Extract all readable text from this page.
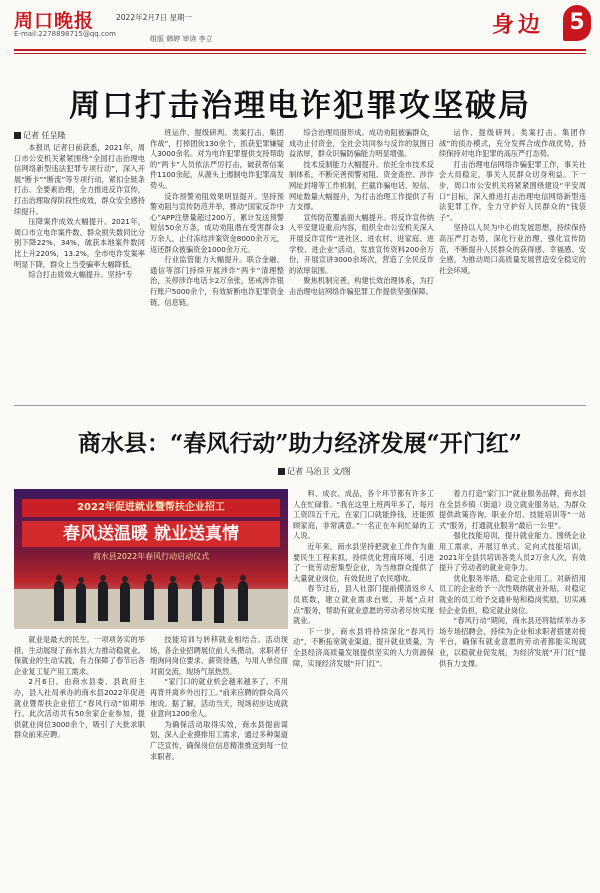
周口晚报
E-mail:2278898715@qq.com
2022年2月7日 星期一
组版 韩婷 审读 李立
身边 5
周口打击治理电诈犯罪攻坚破局
记者 任呈隆

本报讯 记者日前获悉，2021年，周口市公安机关紧紧围绕“全国打击治理电信网络新型违法犯罪专项行动”，深入开展“断卡”“断流”等专项行动，紧扣全链条打击、全要素治理，全力推进反诈宣传，打击治理取得阶段性成效，群众安全感持续提升。

压降案件成效大幅提升。2021年，周口市立电诈案件数、群众损失数同比分别下降22%、34%，破获本地案件数同比上升220%，13.2%，全市电诈发案率明显下降，群众上当受骗率大幅降低。

综合打击质效大幅提升。坚持“专

班运作、提级研判、类案打击、集团作战”，打掉团伙130余个，抓获犯罪嫌疑人3000余名。对为电诈犯罪提供支持帮助的“两卡”人员依法严厉打击，破获帮信案件1100余起，从源头上遏制电诈犯罪高发势头。

反诈预警劝阻效果明显提升。坚持预警劝阻与宣传防范并举，推动“国家反诈中心”APP注册量超过200万，累计发送预警短信50余万条，成功劝阻潜在受害群众3万余人，止付冻结涉案资金8000余万元，返还群众被骗资金1000余万元。

行业监管能力大幅提升。联合金融、通信等部门持续开展涉诈“两卡”清理整治，关停涉诈电话卡2万余张，惩戒涉诈银行账户5000余个，有效斩断电诈犯罪资金链、信息链。

综合治理局面形成。成功劝阻被骗群众，成功止付资金，全社会共同参与反诈的氛围日益浓厚，群众识骗防骗能力明显增强。

技术反制能力大幅提升。依托全市技术反制体系，不断完善预警劝阻、资金查控、涉诈网址封堵等工作机制，拦截诈骗电话、短信、网址数量大幅提升，为打击治理工作提供了有力支撑。

宣传防范覆盖面大幅提升。将反诈宣传纳入平安建设重点内容，组织全市公安机关深入开展反诈宣传“进社区、进农村、进家庭、进学校、进企业”活动，发放宣传资料200余万份，开展宣讲3000余场次，营造了全民反诈的浓厚氛围。

聚焦机制完善，构建长效治理体系，为打击治理电信网络诈骗犯罪工作提供坚强保障。

运作、提级研判、类案打击、集团作战”的侦办模式，充分发挥合成作战优势，持续保持对电诈犯罪的高压严打态势。

打击治理电信网络诈骗犯罪工作，事关社会大局稳定，事关人民群众切身利益。下一步，周口市公安机关将紧紧围绕建设“平安周口”目标，深入推进打击治理电信网络新型违法犯罪工作，全力守护好人民群众的“钱袋子”。

坚持以人民为中心的发展思想，持续保持高压严打态势，深化行业治理，强化宣传防范，不断提升人民群众的获得感、幸福感、安全感，为推动周口高质量发展营造安全稳定的社会环境。

商水县：“春风行动”助力经济发展“开门红”
记者 马治卫 文/图
2022年促进就业暨帮扶企业招工
春风送温暖 就业送真情
商水县2022年春风行动启动仪式

就业是最大的民生。一项项务实的举措，生动展现了商水县大力推动稳就业、保就业的生动实践，有力保障了春节后各企业复工复产用工需求。

2月6日，由商水县委、县政府主办，县人社局承办的商水县2022年促进就业暨帮扶企业招工“春风行动”如期举行。此次活动共有50余家企业参加，提供就业岗位3000余个，吸引了大批求职群众前来应聘。

技能培训与转移就业相结合。活动现场，各企业招聘展位前人头攒动，求职者仔细询问岗位要求、薪资待遇，与用人单位面对面交流，现场气氛热烈。

“家门口的就业机会越来越多了，不用再背井离乡外出打工。”前来应聘的群众高兴地说。据了解，活动当天，现场初步达成就业意向1200余人。

为确保活动取得实效，商水县提前谋划，深入企业摸排用工需求，通过多种渠道广泛宣传，确保岗位信息精准推送到每一位求职者。

料、成衣、成品，各个环节都有许多工人在忙碌着。“我在这里上班两年多了，每月工资四五千元，在家门口就能挣钱，还能照顾家庭，非常满意。”一名正在车间忙碌的工人说。

近年来，商水县坚持把就业工作作为重要民生工程来抓，持续优化营商环境，引进了一批劳动密集型企业，为当地群众提供了大量就业岗位，有效促进了农民增收。

春节过后，县人社部门提前摸清返乡人员底数，建立就业需求台账，开展“点对点”服务，帮助有就业意愿的劳动者尽快实现就业。

下一步，商水县将持续深化“春风行动”，不断拓宽就业渠道，提升就业质量，为全县经济高质量发展提供坚实的人力资源保障，实现经济发展“开门红”。

着力打造“家门口”就业服务品牌。商水县在全县乡镇（街道）设立就业服务站，为群众提供政策咨询、职业介绍、技能培训等“一站式”服务，打通就业服务“最后一公里”。

强化技能培训，提升就业能力。围绕企业用工需求，开展订单式、定向式技能培训，2021年全县共培训各类人员2万余人次，有效提升了劳动者的就业竞争力。

优化服务举措，稳定企业用工。对新招用员工的企业给予一次性吸纳就业补贴，对稳定就业的员工给予交通补贴和稳岗奖励，切实减轻企业负担，稳定就业岗位。

“春风行动”期间，商水县还将陆续举办多场专场招聘会，持续为企业和求职者搭建对接平台，确保有就业意愿的劳动者都能实现就业，以稳就业促发展，为经济发展“开门红”提供有力支撑。
